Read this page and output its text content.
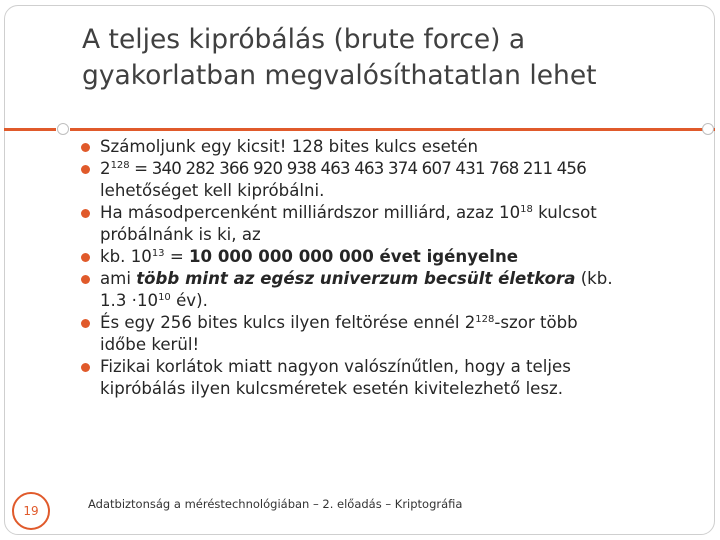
A teljes kipróbálás (brute force) a gyakorlatban megvalósíthatatlan lehet
Számoljunk egy kicsit! 128 bites kulcs esetén
$2^{128} = 340$ 282 366 920 938 463 463 374 607 431 768 211 456
lehetőséget kell kipróbálni.
Ha másodpercenként milliárdszor milliárd, azaz $10^{18}$ kulcsot
próbálnánk is ki, az
kb. $10^{13} = 10$ 000 000 000 000 évet igényelne
ami több mint az egész univerzum becsült életkora (kb.
$1.3 \cdot 10^{10}$ év).
És egy 256 bites kulcs ilyen feltörése ennél $2^{128}$-szor több
időbe kerül!
Fizikai korlátok miatt nagyon valószínűtlen, hogy a teljes
kipróbálás ilyen kulcsméretek esetén kivitelezhető lesz.
19	Adatbiztonság a méréstechnológiában – 2. előadás – Kriptográfia
